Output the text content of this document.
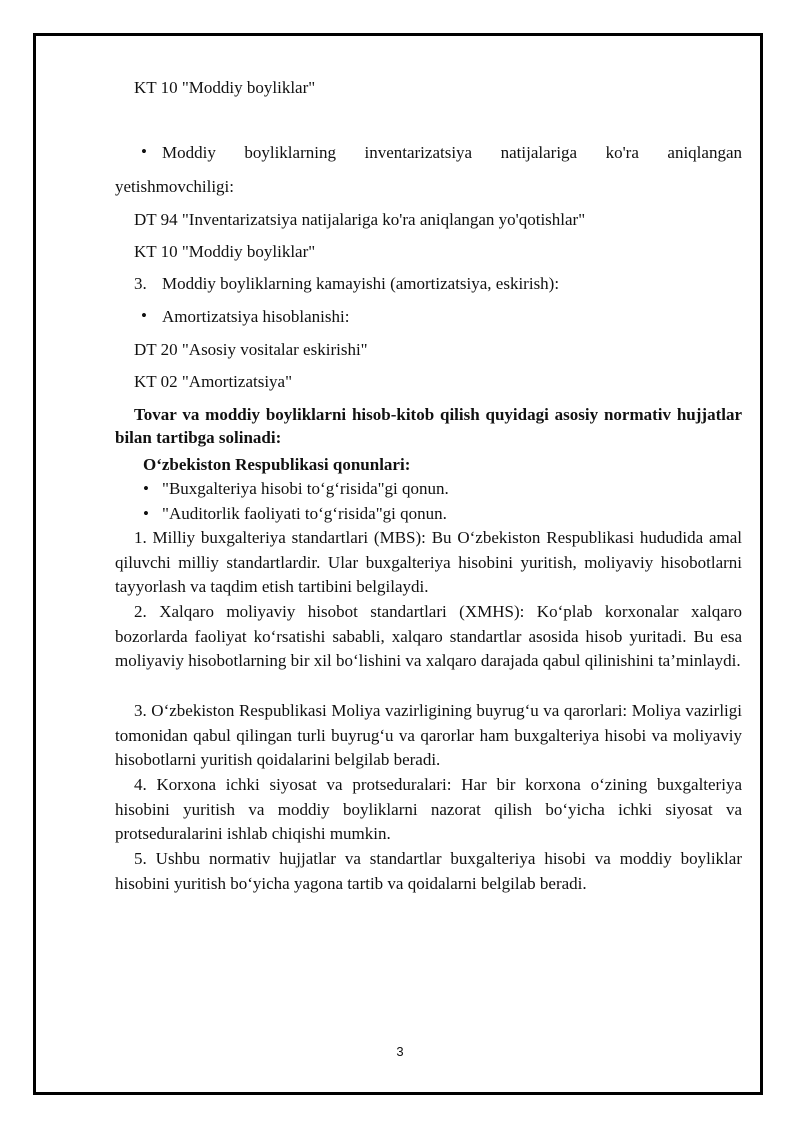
KT 10 "Moddiy boyliklar"

• Moddiy boyliklarning inventarizatsiya natijalariga ko'ra aniqlangan

yetishmovchiligi:

DT 94 "Inventarizatsiya natijalariga ko'ra aniqlangan yo'qotishlar"

KT 10 "Moddiy boyliklar"

3. Moddiy boyliklarning kamayishi (amortizatsiya, eskirish):

• Amortizatsiya hisoblanishi:

DT 20 "Asosiy vositalar eskirishi"

KT 02 "Amortizatsiya"

Tovar va moddiy boyliklarni hisob-kitob qilish quyidagi asosiy normativ hujjatlar bilan tartibga solinadi:

O‘zbekiston Respublikasi qonunlari:

• "Buxgalteriya hisobi to‘g‘risida"gi qonun.

• "Auditorlik faoliyati to‘g‘risida"gi qonun.

1. Milliy buxgalteriya standartlari (MBS): Bu O‘zbekiston Respublikasi hududida amal qiluvchi milliy standartlardir. Ular buxgalteriya hisobini yuritish, moliyaviy hisobotlarni tayyorlash va taqdim etish tartibini belgilaydi.

2. Xalqaro moliyaviy hisobot standartlari (XMHS): Ko‘plab korxonalar xalqaro bozorlarda faoliyat ko‘rsatishi sababli, xalqaro standartlar asosida hisob yuritadi. Bu esa moliyaviy hisobotlarning bir xil bo‘lishini va xalqaro darajada qabul qilinishini ta’minlaydi.

3. O‘zbekiston Respublikasi Moliya vazirligining buyrug‘u va qarorlari: Moliya vazirligi tomonidan qabul qilingan turli buyrug‘u va qarorlar ham buxgalteriya hisobi va moliyaviy hisobotlarni yuritish qoidalarini belgilab beradi.

4. Korxona ichki siyosat va protseduralari: Har bir korxona o‘zining buxgalteriya hisobini yuritish va moddiy boyliklarni nazorat qilish bo‘yicha ichki siyosat va protseduralarini ishlab chiqishi mumkin.

5. Ushbu normativ hujjatlar va standartlar buxgalteriya hisobi va moddiy boyliklar hisobini yuritish bo‘yicha yagona tartib va qoidalarni belgilab beradi.

3
